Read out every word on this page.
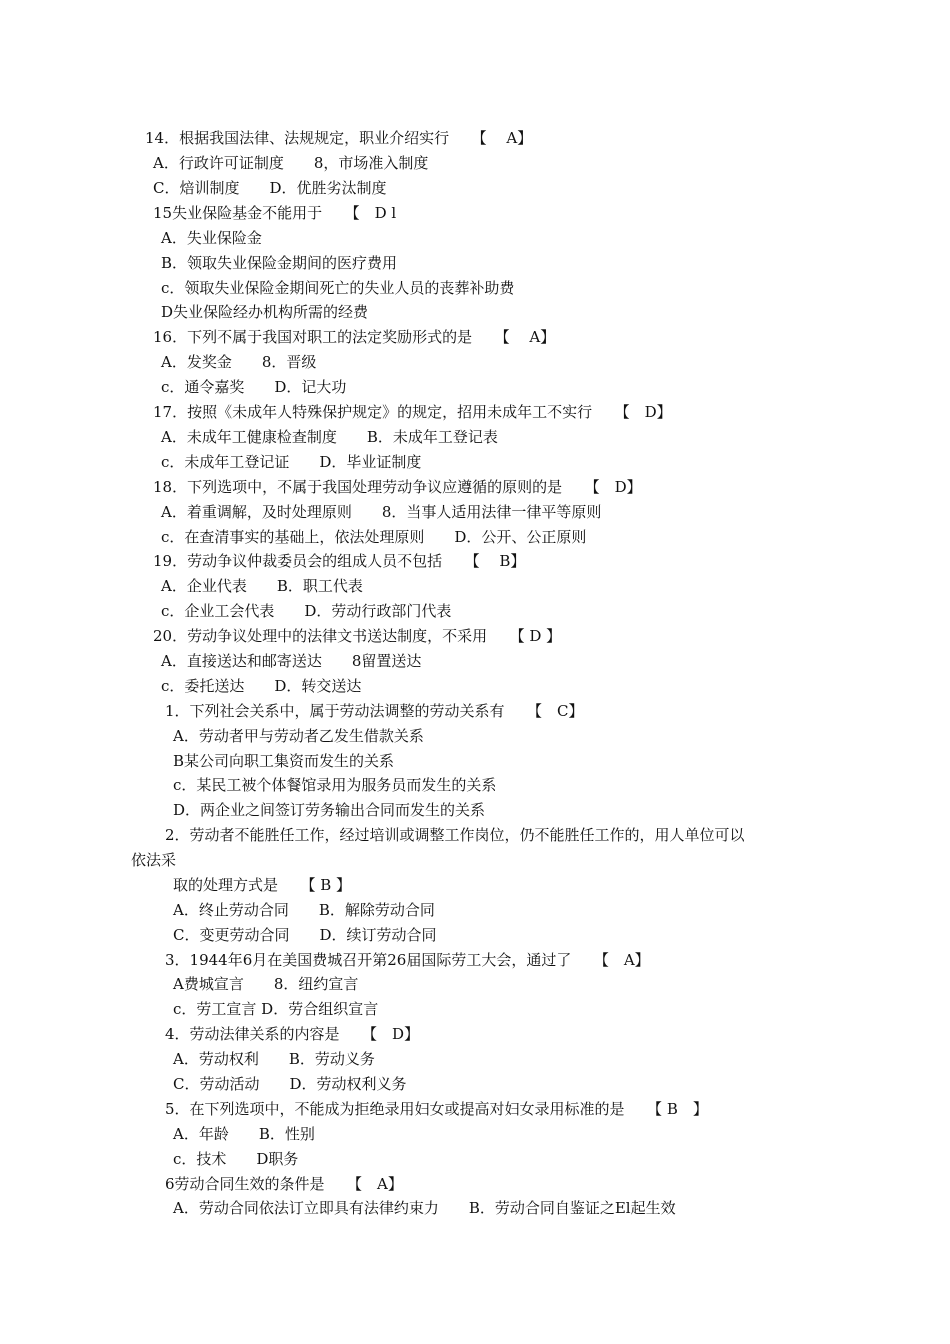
14．根据我国法律、法规规定，职业介绍实行　　【　 A】
A．行政许可证制度　　8，市场准入制度
C．焙训制度　　D．优胜劣汰制度
15失业保险基金不能用于　　【　D l
A．失业保险金
B．领取失业保险金期间的医疗费用
c．领取失业保险金期间死亡的失业人员的丧葬补助费
D失业保险经办机构所需的经费
16．下列不属于我国对职工的法定奖励形式的是　　【　 A】
A．发奖金　　8．晋级
c．通令嘉奖　　D．记大功
17．按照《未成年人特殊保护规定》的规定，招用未成年工不实行　　【　D】
A．未成年工健康检查制度　　B．未成年工登记表
c．未成年工登记证　　D．毕业证制度
18．下列选项中，不属于我国处理劳动争议应遵循的原则的是　　【　D】
A．着重调解，及时处理原则　　8．当事人适用法律一律平等原则
c．在查清事实的基础上，依法处理原则　　D．公开、公正原则
19．劳动争议仲裁委员会的组成人员不包括　　【　 B】
A．企业代表　　B．职工代表
c．企业工会代表　　D．劳动行政部门代表
20．劳动争议处理中的法律文书送达制度，不采用　　【 D 】
A．直接送达和邮寄送达　　8留置送达
c．委托送达　　D．转交送达
1．下列社会关系中，属于劳动法调整的劳动关系有　　【　C】
A．劳动者甲与劳动者乙发生借款关系
B某公司向职工集资而发生的关系
c．某民工被个体餐馆录用为服务员而发生的关系
D．两企业之间签订劳务输出合同而发生的关系
2．劳动者不能胜任工作，经过培训或调整工作岗位，仍不能胜任工作的，用人单位可以
依法采
取的处理方式是　　【 B 】
A．终止劳动合同　　B．解除劳动合同
C．变更劳动合同　　D．续订劳动合同
3．1944年6月在美国费城召开第26届国际劳工大会，通过了　　【　A】
A费城宣言　　8．纽约宣言
c．劳工宣言 D．劳合组织宣言
4．劳动法律关系的内容是　　【　D】
A．劳动权利　　B．劳动义务
C．劳动活动　　D．劳动权利义务
5．在下列选项中，不能成为拒绝录用妇女或提高对妇女录用标准的是　　【 B　】
A．年龄　　B．性别
c．技术　　D职务
6劳动合同生效的条件是　　【　A】
A．劳动合同依法订立即具有法律约束力　　B．劳动合同自鉴证之El起生效
